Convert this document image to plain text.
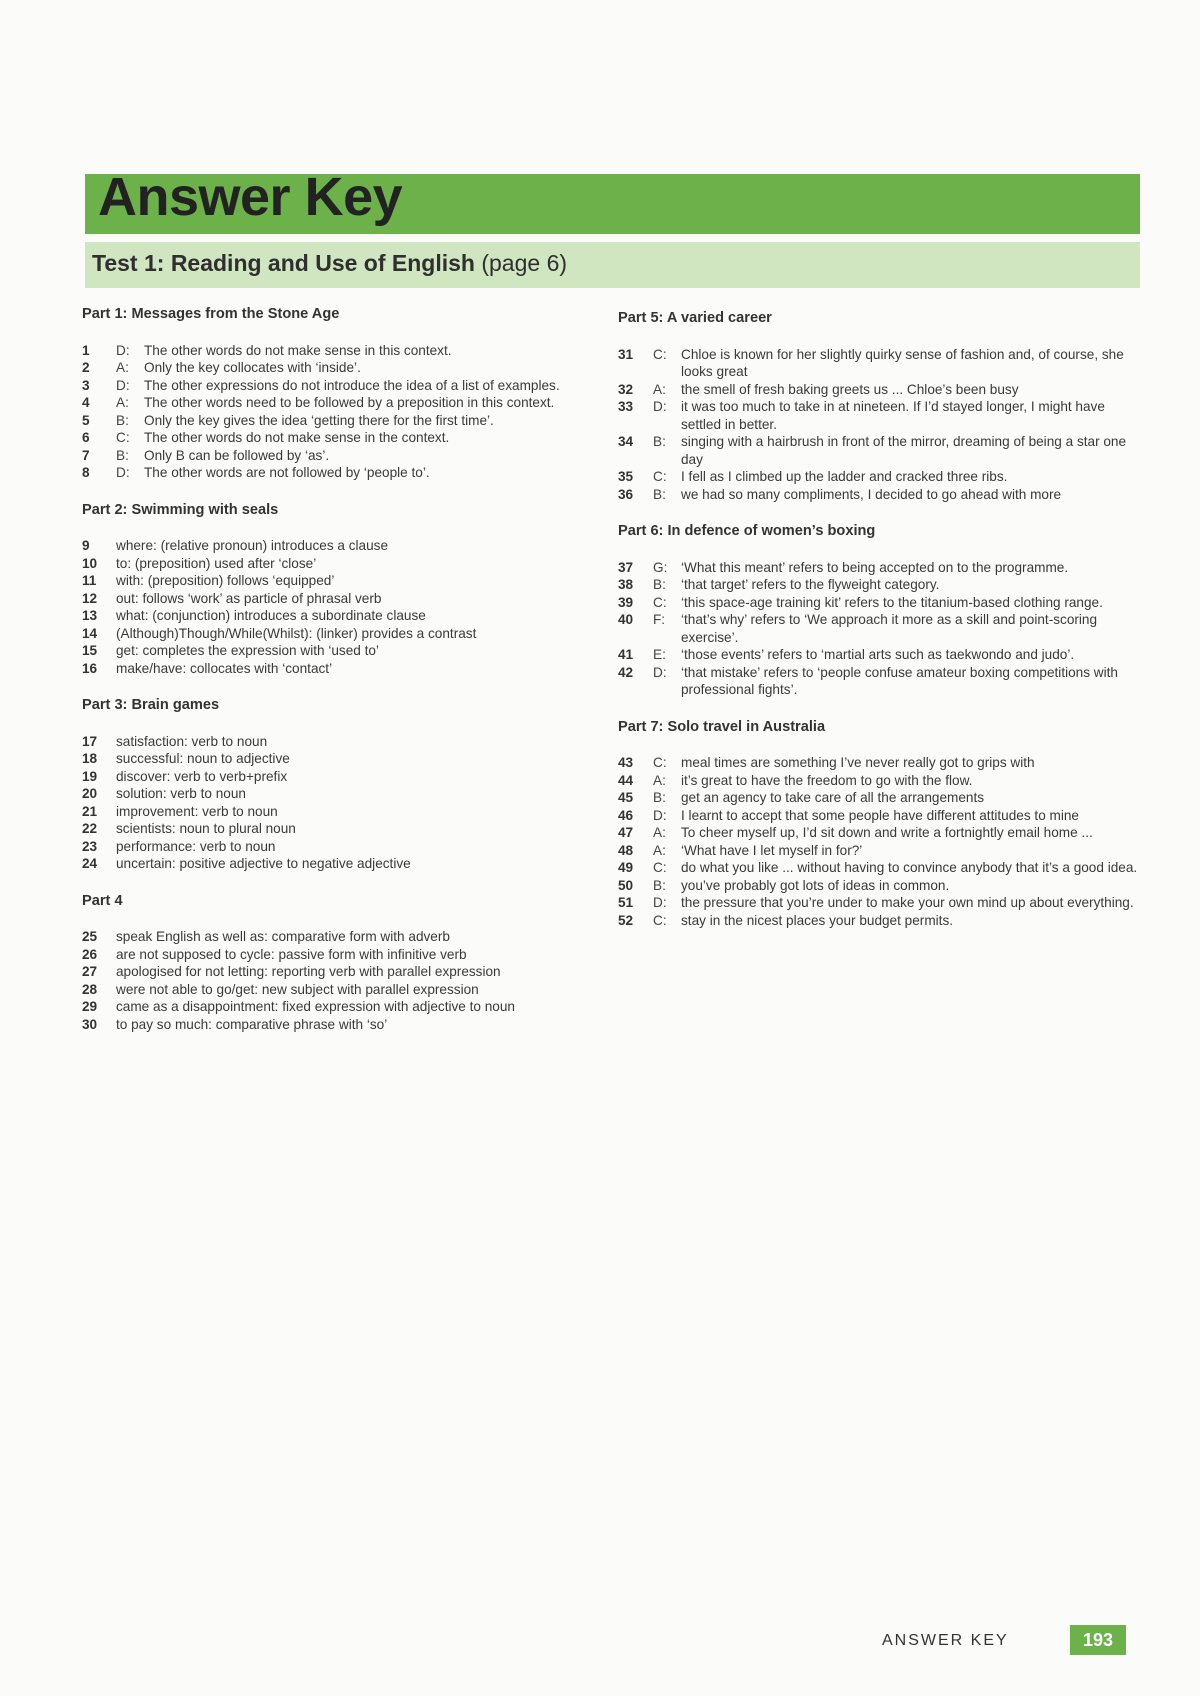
Answer Key
Test 1: Reading and Use of English (page 6)
Part 1: Messages from the Stone Age
1	D:	The other words do not make sense in this context.
2	A:	Only the key collocates with ‘inside’.
3	D:	The other expressions do not introduce the idea of a list of examples.
4	A:	The other words need to be followed by a preposition in this context.
5	B:	Only the key gives the idea ‘getting there for the first time’.
6	C:	The other words do not make sense in the context.
7	B:	Only B can be followed by ‘as’.
8	D:	The other words are not followed by ‘people to’.
Part 2: Swimming with seals
9	where: (relative pronoun) introduces a clause
10	to: (preposition) used after ‘close’
11	with: (preposition) follows ‘equipped’
12	out: follows ‘work’ as particle of phrasal verb
13	what: (conjunction) introduces a subordinate clause
14	(Although)Though/While(Whilst): (linker) provides a contrast
15	get: completes the expression with ‘used to’
16	make/have: collocates with ‘contact’
Part 3: Brain games
17	satisfaction: verb to noun
18	successful: noun to adjective
19	discover: verb to verb+prefix
20	solution: verb to noun
21	improvement: verb to noun
22	scientists: noun to plural noun
23	performance: verb to noun
24	uncertain: positive adjective to negative adjective
Part 4
25	speak English as well as: comparative form with adverb
26	are not supposed to cycle: passive form with infinitive verb
27	apologised for not letting: reporting verb with parallel expression
28	were not able to go/get: new subject with parallel expression
29	came as a disappointment: fixed expression with adjective to noun
30	to pay so much: comparative phrase with ‘so’
Part 5: A varied career
31	C:	Chloe is known for her slightly quirky sense of fashion and, of course, she looks great
32	A:	the smell of fresh baking greets us ... Chloe’s been busy
33	D:	it was too much to take in at nineteen. If I’d stayed longer, I might have settled in better.
34	B:	singing with a hairbrush in front of the mirror, dreaming of being a star one day
35	C:	I fell as I climbed up the ladder and cracked three ribs.
36	B:	we had so many compliments, I decided to go ahead with more
Part 6: In defence of women’s boxing
37	G:	‘What this meant’ refers to being accepted on to the programme.
38	B:	‘that target’ refers to the flyweight category.
39	C:	‘this space-age training kit’ refers to the titanium-based clothing range.
40	F:	‘that’s why’ refers to ‘We approach it more as a skill and point-scoring exercise’.
41	E:	‘those events’ refers to ‘martial arts such as taekwondo and judo’.
42	D:	‘that mistake’ refers to ‘people confuse amateur boxing competitions with professional fights’.
Part 7: Solo travel in Australia
43	C:	meal times are something I’ve never really got to grips with
44	A:	it’s great to have the freedom to go with the flow.
45	B:	get an agency to take care of all the arrangements
46	D:	I learnt to accept that some people have different attitudes to mine
47	A:	To cheer myself up, I’d sit down and write a fortnightly email home ...
48	A:	‘What have I let myself in for?’
49	C:	do what you like ... without having to convince anybody that it’s a good idea.
50	B:	you’ve probably got lots of ideas in common.
51	D:	the pressure that you’re under to make your own mind up about everything.
52	C:	stay in the nicest places your budget permits.
ANSWER KEY	193
